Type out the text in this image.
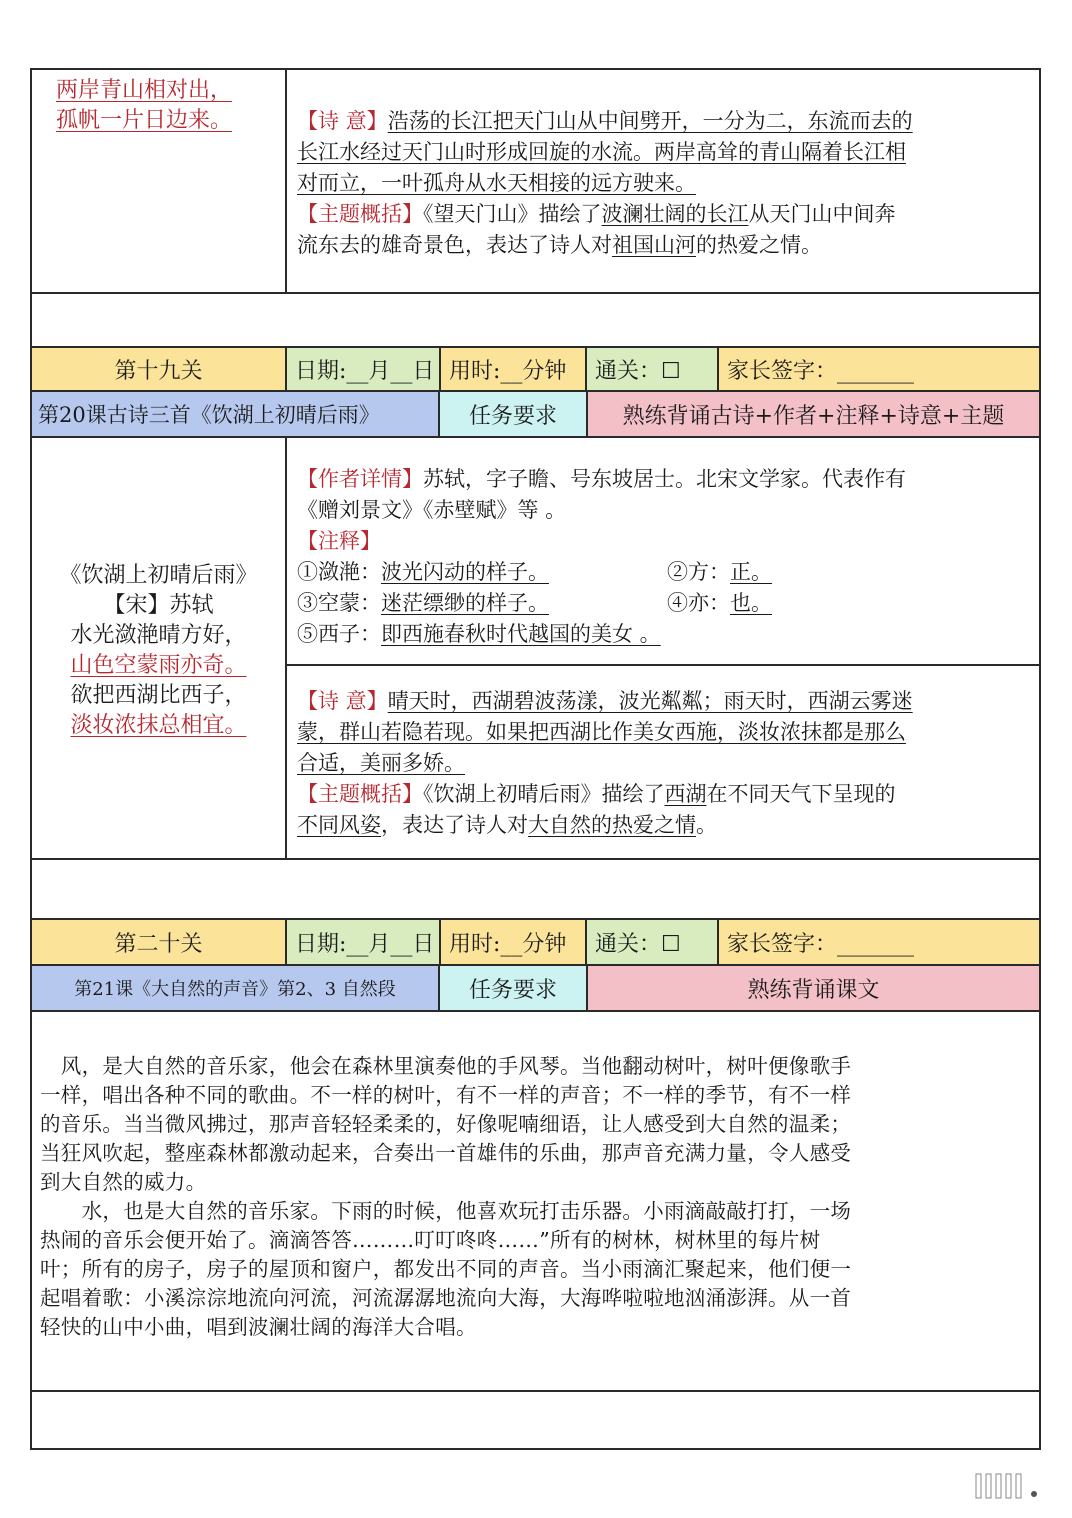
两岸青山相对出，
孤帆一片日边来。	【诗 意】浩荡的长江把天门山从中间劈开，一分为二，东流而去的
长江水经过天门山时形成回旋的水流。两岸高耸的青山隔着长江相
对而立，一叶孤舟从水天相接的远方驶来。
【主题概括】《望天门山》描绘了波澜壮阔的长江从天门山中间奔
流东去的雄奇景色，表达了诗人对祖国山河的热爱之情。
第十九关	日期:__月__日 用时:__分钟	通关：☐	家长签字：_______
第20课古诗三首《饮湖上初晴后雨》	任务要求	熟练背诵古诗+作者+注释+诗意+主题
《饮湖上初晴后雨》
【宋】苏轼
水光潋滟晴方好，
山色空蒙雨亦奇。
欲把西湖比西子，
淡妆浓抹总相宜。
【作者详情】苏轼，字子瞻、号东坡居士。北宋文学家。代表作有
《赠刘景文》《赤壁赋》等 。
【注释】
①潋滟：波光闪动的样子。	②方：正。
③空蒙：迷茫缥缈的样子。	④亦：也。
⑤西子：即西施春秋时代越国的美女 。
【诗 意】晴天时，西湖碧波荡漾，波光粼粼；雨天时，西湖云雾迷
蒙，群山若隐若现。如果把西湖比作美女西施，淡妆浓抹都是那么
合适，美丽多娇。
【主题概括】《饮湖上初晴后雨》描绘了西湖在不同天气下呈现的
不同风姿，表达了诗人对大自然的热爱之情。
第二十关	日期:__月__日 用时:__分钟	通关：☐	家长签字：_______
第21课《大自然的声音》第2、3 自然段	任务要求	熟练背诵课文
　风，是大自然的音乐家，他会在森林里演奏他的手风琴。当他翻动树叶，树叶便像歌手
一样，唱出各种不同的歌曲。不一样的树叶，有不一样的声音；不一样的季节，有不一样
的音乐。当当微风拂过，那声音轻轻柔柔的，好像呢喃细语，让人感受到大自然的温柔；
当狂风吹起，整座森林都激动起来，合奏出一首雄伟的乐曲，那声音充满力量，令人感受
到大自然的威力。
　　水，也是大自然的音乐家。下雨的时候，他喜欢玩打击乐器。小雨滴敲敲打打，一场
热闹的音乐会便开始了。滴滴答答………叮叮咚咚……”所有的树林，树林里的每片树
叶；所有的房子，房子的屋顶和窗户，都发出不同的声音。当小雨滴汇聚起来，他们便一
起唱着歌：小溪淙淙地流向河流，河流潺潺地流向大海，大海哗啦啦地汹涌澎湃。从一首
轻快的山中小曲，唱到波澜壮阔的海洋大合唱。
